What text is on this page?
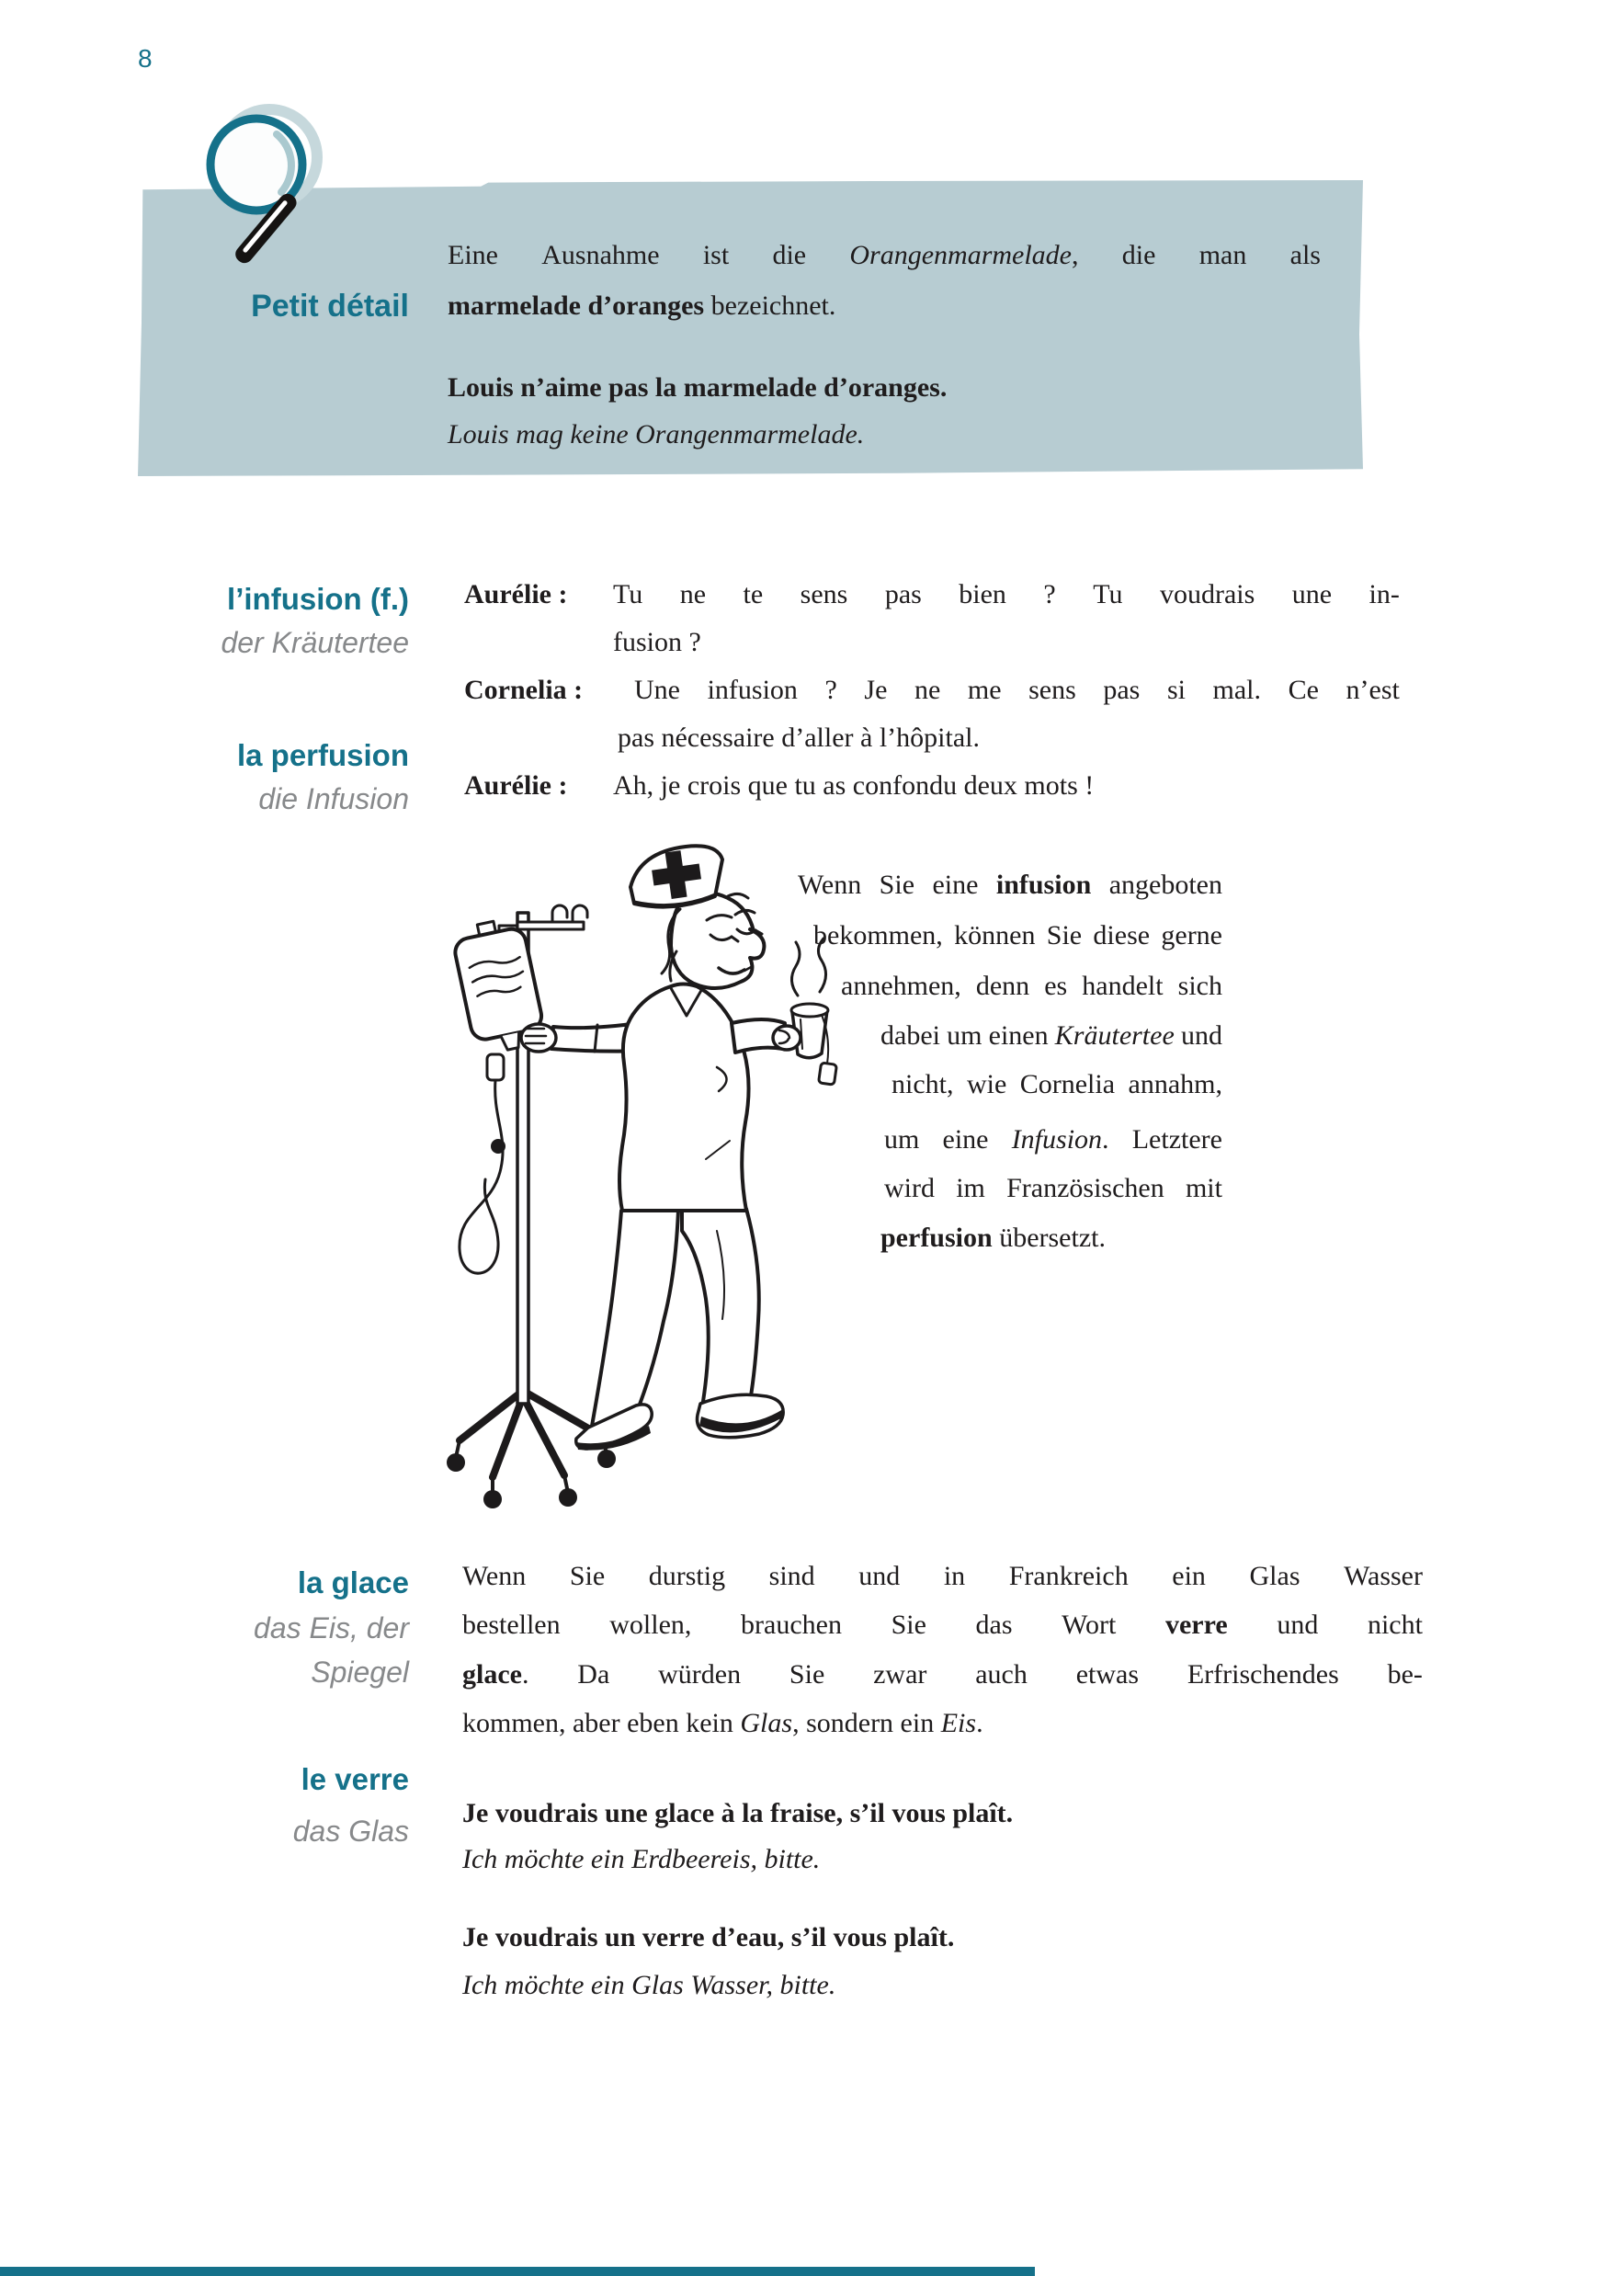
8
Petit détail
Eine Ausnahme ist die Orangenmarmelade, die man als
marmelade d’oranges bezeichnet.
Louis n’aime pas la marmelade d’oranges.
Louis mag keine Orangenmarmelade.
Aurélie : Tu ne te sens pas bien ? Tu voudrais une in-
fusion ?
Cornelia : Une infusion ? Je ne me sens pas si mal. Ce n’est
pas nécessaire d’aller à l’hôpital.
Aurélie : Ah, je crois que tu as confondu deux mots !
Wenn Sie eine infusion angeboten
bekommen, können Sie diese gerne
annehmen, denn es handelt sich
dabei um einen Kräutertee und
nicht, wie Cornelia annahm,
um eine Infusion. Letztere
wird im Französischen mit
perfusion übersetzt.
Wenn Sie durstig sind und in Frankreich ein Glas Wasser
bestellen wollen, brauchen Sie das Wort verre und nicht
glace. Da würden Sie zwar auch etwas Erfrischendes be-
kommen, aber eben kein Glas, sondern ein Eis.
Je voudrais une glace à la fraise, s’il vous plaît.
Ich möchte ein Erdbeereis, bitte.
Je voudrais un verre d’eau, s’il vous plaît.
Ich möchte ein Glas Wasser, bitte.
l’infusion (f.)
der Kräutertee
la perfusion
die Infusion
la glace
das Eis, der
Spiegel
le verre
das Glas
